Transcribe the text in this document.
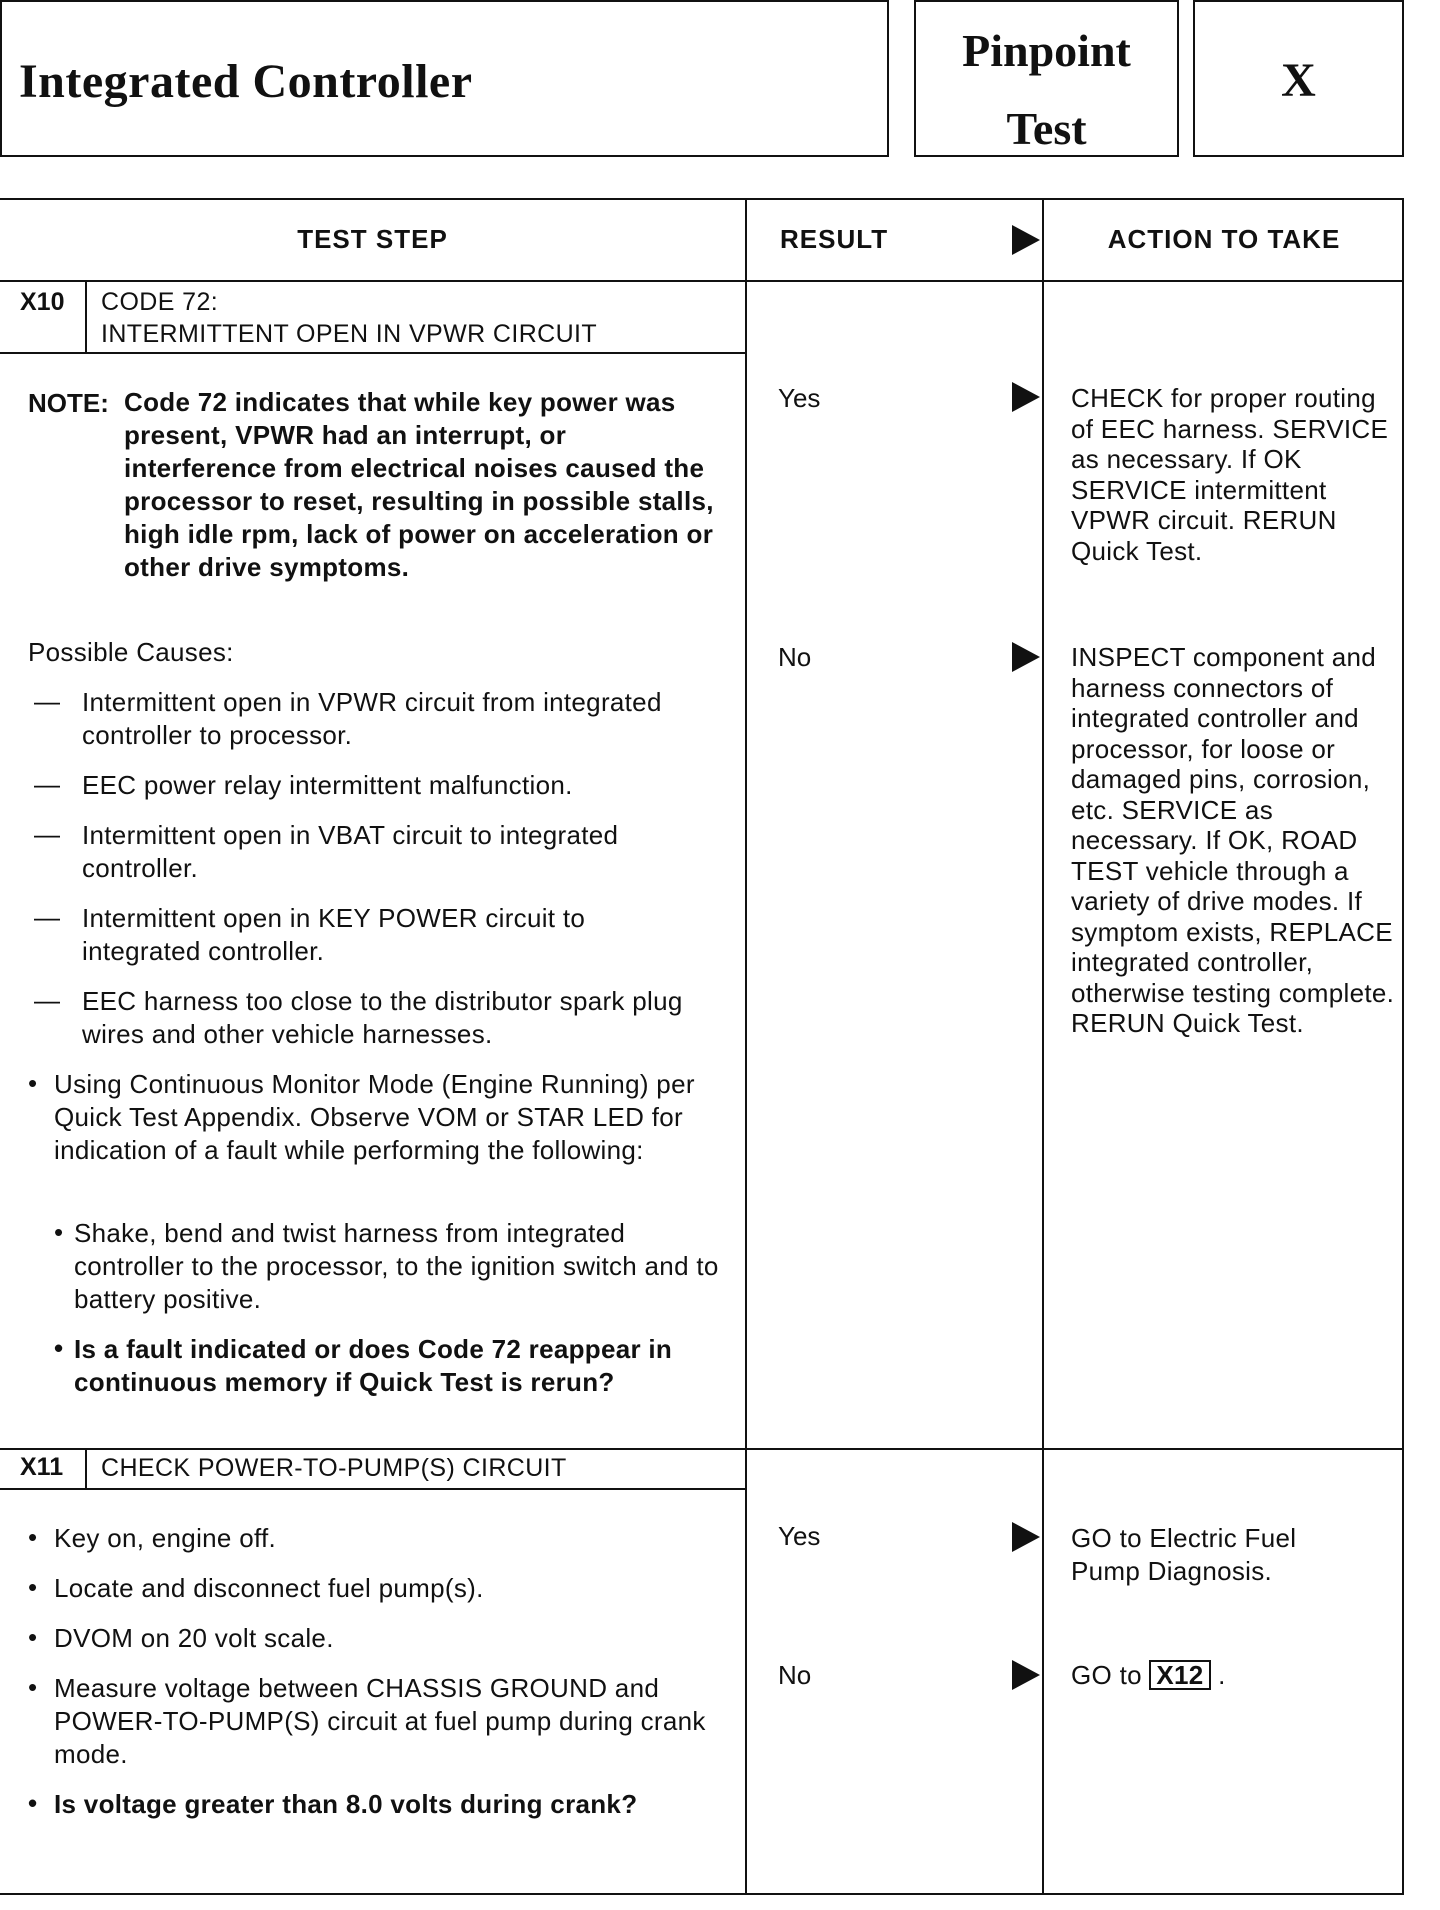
Integrated Controller
Pinpoint
Test
X
TEST STEP	RESULT	ACTION TO TAKE
X10	CODE 72:
INTERMITTENT OPEN IN VPWR CIRCUIT
NOTE: Code 72 indicates that while key power was present, VPWR had an interrupt, or interference from electrical noises caused the processor to reset, resulting in possible stalls, high idle rpm, lack of power on acceleration or other drive symptoms.
Possible Causes:
— Intermittent open in VPWR circuit from integrated controller to processor.
— EEC power relay intermittent malfunction.
— Intermittent open in VBAT circuit to integrated controller.
— Intermittent open in KEY POWER circuit to integrated controller.
— EEC harness too close to the distributor spark plug wires and other vehicle harnesses.
• Using Continuous Monitor Mode (Engine Running) per Quick Test Appendix. Observe VOM or STAR LED for indication of a fault while performing the following:
• Shake, bend and twist harness from integrated controller to the processor, to the ignition switch and to battery positive.
• Is a fault indicated or does Code 72 reappear in continuous memory if Quick Test is rerun?
Yes	CHECK for proper routing of EEC harness. SERVICE as necessary. If OK SERVICE intermittent VPWR circuit. RERUN Quick Test.
No	INSPECT component and harness connectors of integrated controller and processor, for loose or damaged pins, corrosion, etc. SERVICE as necessary. If OK, ROAD TEST vehicle through a variety of drive modes. If symptom exists, REPLACE integrated controller, otherwise testing complete. RERUN Quick Test.
X11	CHECK POWER-TO-PUMP(S) CIRCUIT
• Key on, engine off.
• Locate and disconnect fuel pump(s).
• DVOM on 20 volt scale.
• Measure voltage between CHASSIS GROUND and POWER-TO-PUMP(S) circuit at fuel pump during crank mode.
• Is voltage greater than 8.0 volts during crank?
Yes	GO to Electric Fuel Pump Diagnosis.
No	GO to X12 .
